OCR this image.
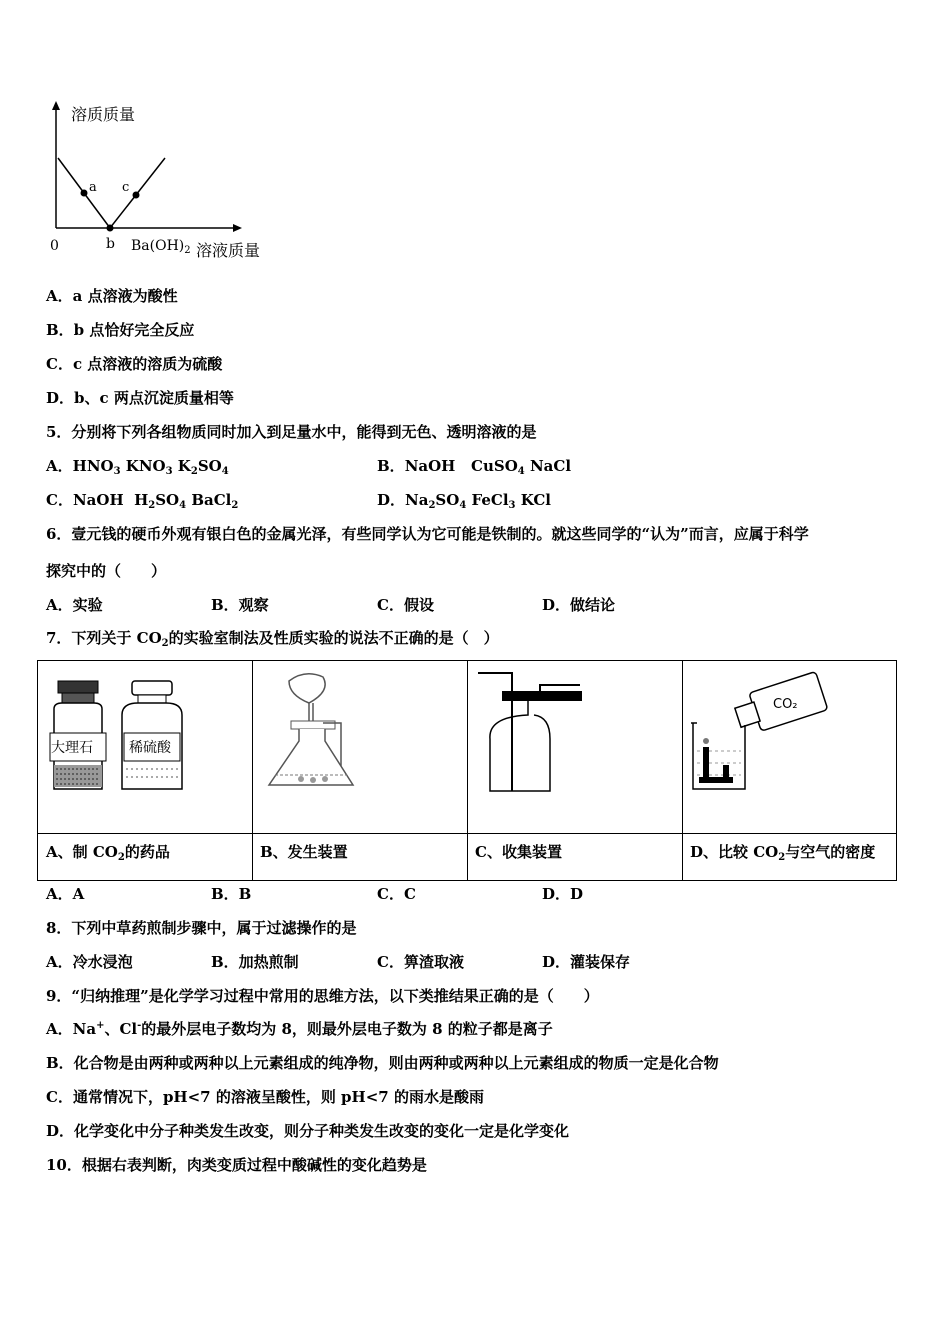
溶质质量
0
a
b
c
$Ba(OH)_2$ 溶液质量
A．a 点溶液为酸性
B．b 点恰好完全反应
C．c 点溶液的溶质为硫酸
D．b、c 两点沉淀质量相等
5．分别将下列各组物质同时加入到足量水中，能得到无色、透明溶液的是
A．$HNO_3$ $KNO_3$ $K_2SO_4$	B．NaOH   CuSO$_4$ NaCl
C．NaOH  $H_2SO_4$ BaCl$_2$	D．$Na_2SO_4$ FeCl$_3$ KCl
6．壹元钱的硬币外观有银白色的金属光泽，有些同学认为它可能是铁制的。就这些同学的“认为”而言，应属于科学
探究中的（　　）
A．实验	B．观察	C．假设	D．做结论
7．下列关于 $CO_2$的实验室制法及性质实验的说法不正确的是（　）
大理石	稀硫酸
CO₂
A、制 $CO_2$的药品	B、发生装置	C、收集装置	D、比较 $CO_2$与空气的密度
A．A	B．B	C．C	D．D
8．下列中草药煎制步骤中，属于过滤操作的是
A．冷水浸泡	B．加热煎制	C．箅渣取液	D．灌装保存
9．“归纳推理”是化学学习过程中常用的思维方法，以下类推结果正确的是（　　）
A．Na+、Cl-的最外层电子数均为 8，则最外层电子数为 8 的粒子都是离子
B．化合物是由两种或两种以上元素组成的纯净物，则由两种或两种以上元素组成的物质一定是化合物
C．通常情况下，pH<7 的溶液呈酸性，则 pH<7 的雨水是酸雨
D．化学变化中分子种类发生改变，则分子种类发生改变的变化一定是化学变化
10．根据右表判断，肉类变质过程中酸碱性的变化趋势是
